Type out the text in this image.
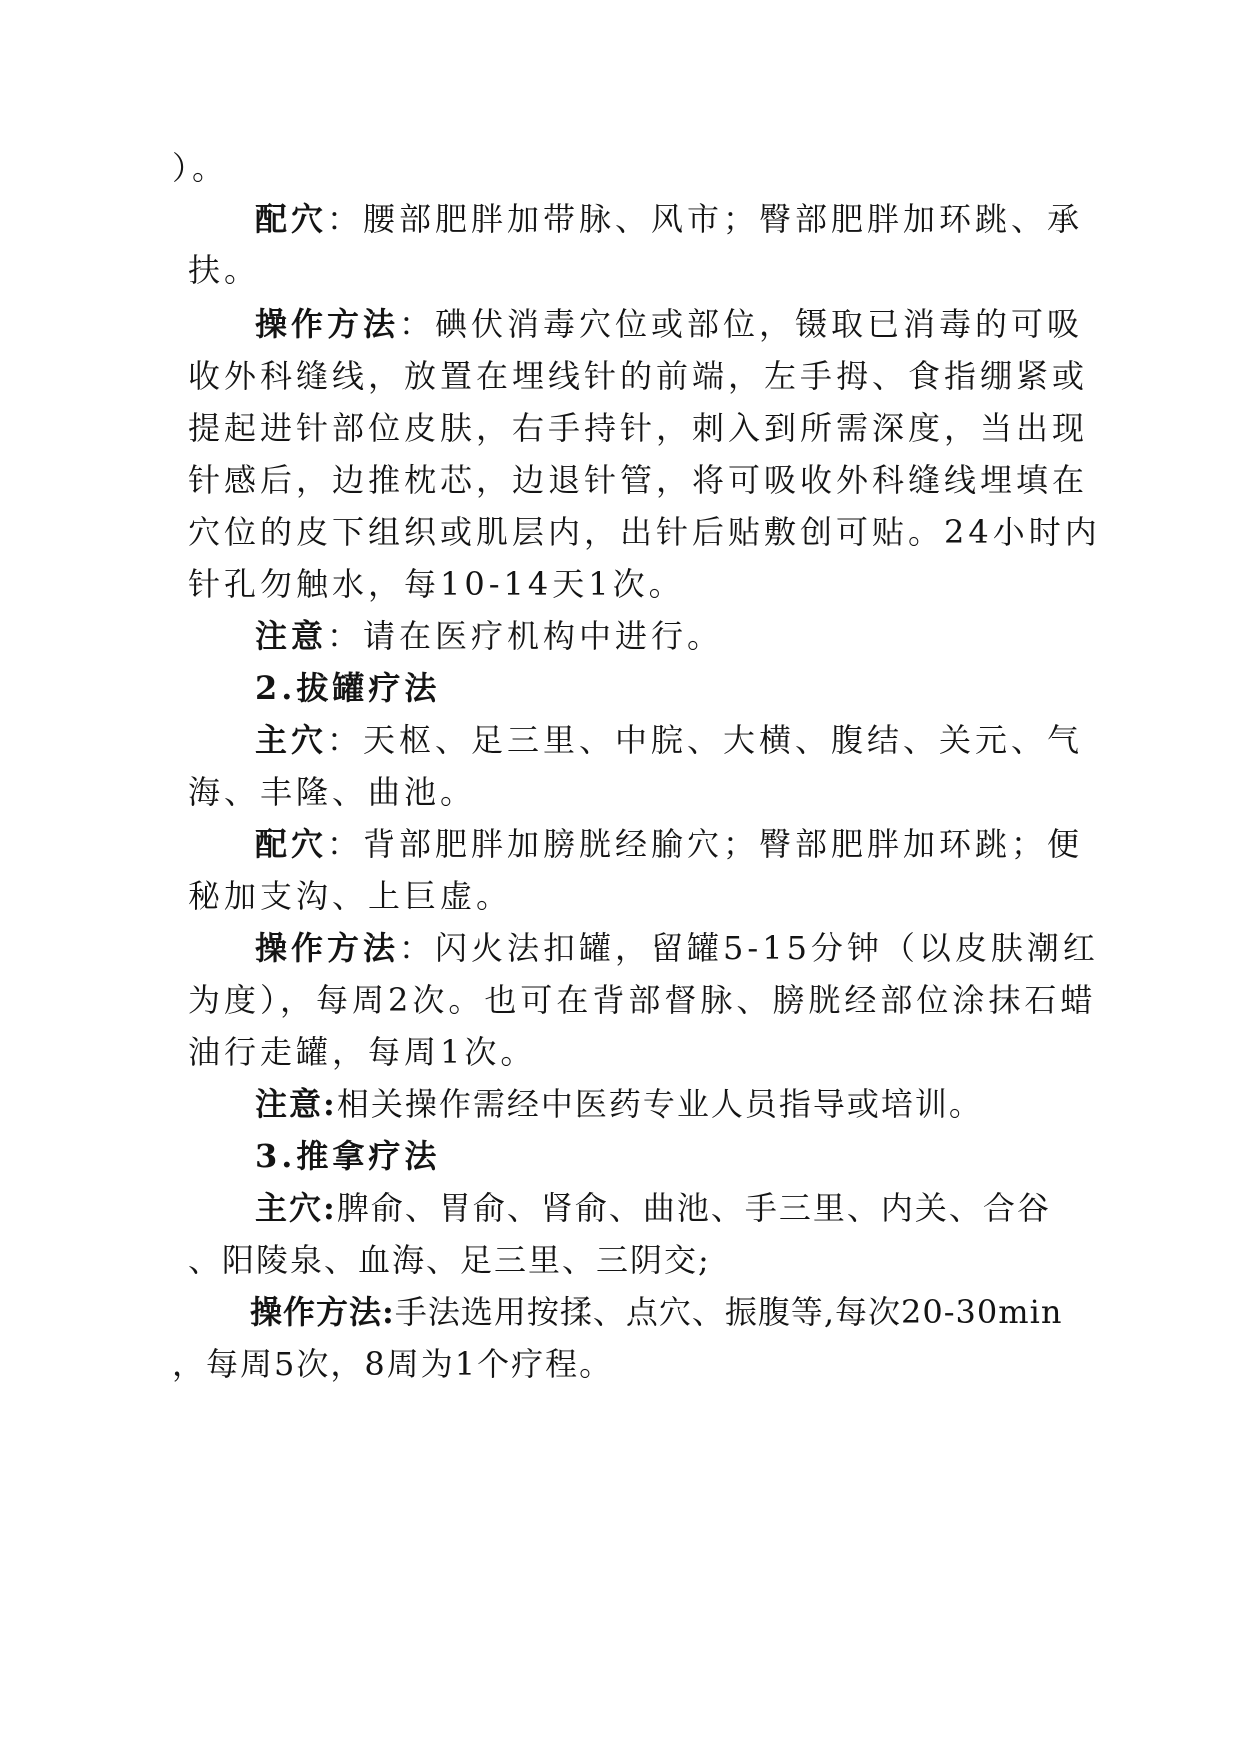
）。
配穴：腰部肥胖加带脉、风市；臀部肥胖加环跳、承
扶。
操作方法：碘伏消毒穴位或部位，镊取已消毒的可吸
收外科缝线，放置在埋线针的前端，左手拇、食指绷紧或
提起进针部位皮肤，右手持针，刺入到所需深度，当出现
针感后，边推枕芯，边退针管，将可吸收外科缝线埋填在
穴位的皮下组织或肌层内，出针后贴敷创可贴。24小时内
针孔勿触水，每10-14天1次。
注意：请在医疗机构中进行。
2.拔罐疗法
主穴：天枢、足三里、中脘、大横、腹结、关元、气
海、丰隆、曲池。
配穴：背部肥胖加膀胱经腧穴；臀部肥胖加环跳；便
秘加支沟、上巨虚。
操作方法：闪火法扣罐，留罐5-15分钟（以皮肤潮红
为度），每周2次。也可在背部督脉、膀胱经部位涂抹石蜡
油行走罐，每周1次。
注意:相关操作需经中医药专业人员指导或培训。
3.推拿疗法
主穴:脾俞、胃俞、肾俞、曲池、手三里、内关、合谷
、阳陵泉、血海、足三里、三阴交;
操作方法:手法选用按揉、点穴、振腹等,每次20-30min
，每周5次，8周为1个疗程。
